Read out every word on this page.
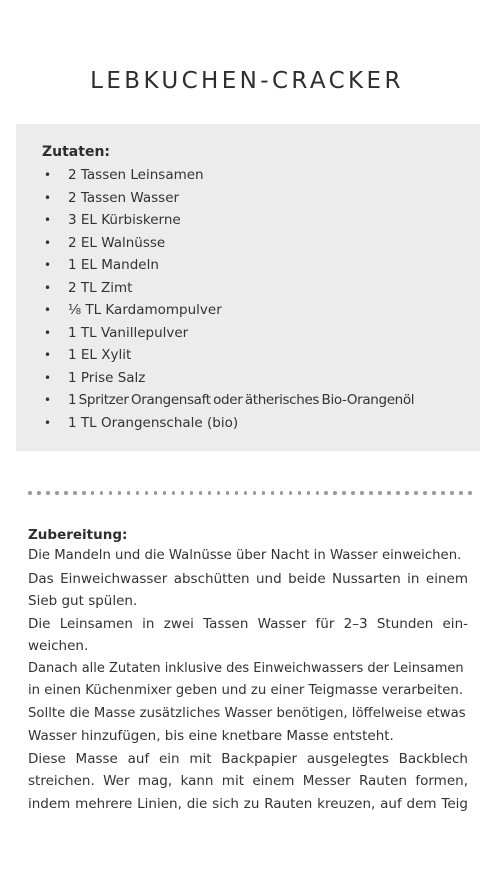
LEBKUCHEN-CRACKER
Zutaten:
• 2 Tassen Leinsamen
• 2 Tassen Wasser
• 3 EL Kürbiskerne
• 2 EL Walnüsse
• 1 EL Mandeln
• 2 TL Zimt
• ⅛ TL Kardamompulver
• 1 TL Vanillepulver
• 1 EL Xylit
• 1 Prise Salz
• 1 Spritzer Orangensaft oder ätherisches Bio-Orangenöl
• 1 TL Orangenschale (bio)
Zubereitung:
Die Mandeln und die Walnüsse über Nacht in Wasser einweichen.
Das Einweichwasser abschütten und beide Nussarten in einem
Sieb gut spülen.
Die Leinsamen in zwei Tassen Wasser für 2–3 Stunden ein-
weichen.
Danach alle Zutaten inklusive des Einweichwassers der Leinsamen
in einen Küchenmixer geben und zu einer Teigmasse verarbeiten.
Sollte die Masse zusätzliches Wasser benötigen, löffelweise etwas
Wasser hinzufügen, bis eine knetbare Masse entsteht.
Diese Masse auf ein mit Backpapier ausgelegtes Backblech
streichen. Wer mag, kann mit einem Messer Rauten formen,
indem mehrere Linien, die sich zu Rauten kreuzen, auf dem Teig
